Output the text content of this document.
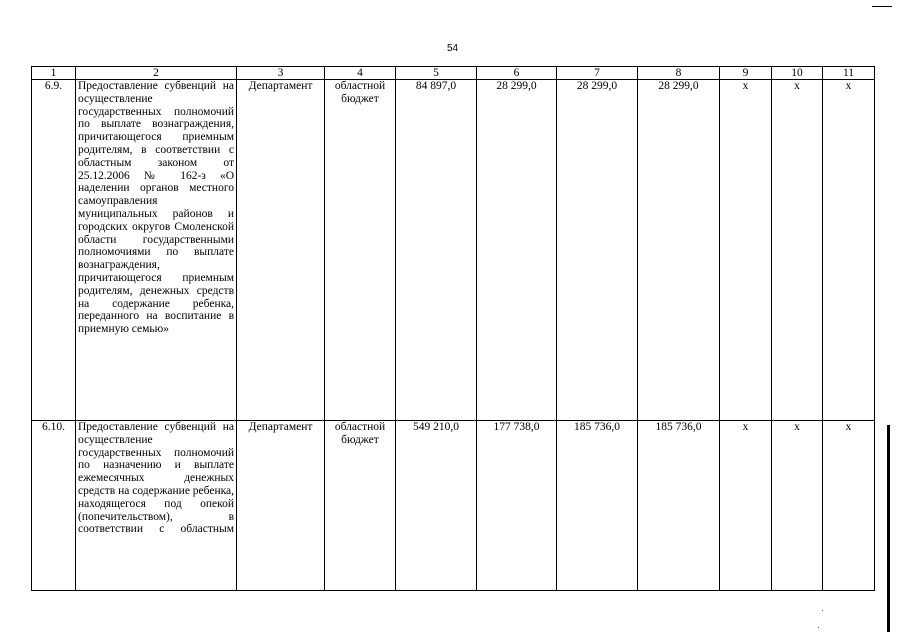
54
1	2	3	4	5	6	7	8	9	10	11
6.9.	Предоставление субвенций на осуществление государственных полномочий по выплате вознаграждения, причитающегося приемным родителям, в соответствии с областным законом от 25.12.2006 № 162-з «О наделении органов местного самоуправления муниципальных районов и городских округов Смоленской области государственными полномочиями по выплате вознаграждения, причитающегося приемным родителям, денежных средств на содержание ребенка, переданного на воспитание в приемную семью»	Департамент	областной бюджет	84 897,0	28 299,0	28 299,0	28 299,0	х	х	х
6.10.	Предоставление субвенций на осуществление государственных полномочий по назначению и выплате ежемесячных денежных средств на содержание ребенка, находящегося под опекой (попечительством), в соответствии с областным	Департамент	областной бюджет	549 210,0	177 738,0	185 736,0	185 736,0	х	х	х
